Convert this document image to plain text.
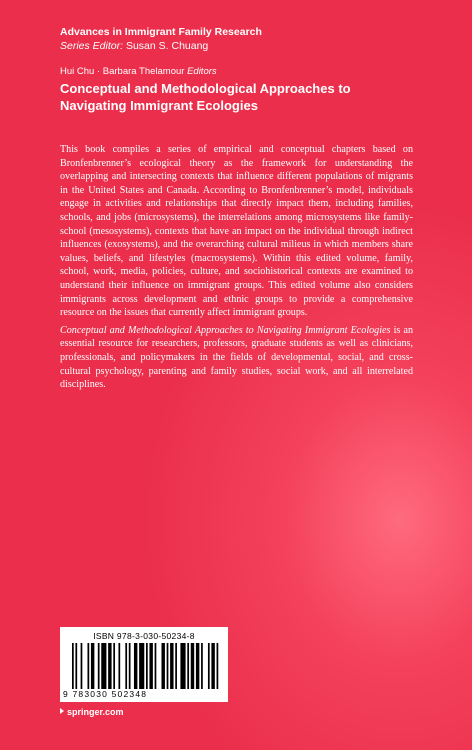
Advances in Immigrant Family Research
Series Editor: Susan S. Chuang
Hui Chu · Barbara Thelamour Editors
Conceptual and Methodological Approaches to Navigating Immigrant Ecologies

This book compiles a series of empirical and conceptual chapters based on Bronfenbrenner’s ecological theory as the framework for understanding the overlapping and intersecting contexts that influence different populations of migrants in the United States and Canada. According to Bronfenbrenner’s model, individuals engage in activities and relationships that directly impact them, including families, schools, and jobs (microsystems), the interrelations among microsystems like family-school (mesosystems), contexts that have an impact on the individual through indirect influences (exosystems), and the overarching cultural milieus in which members share values, beliefs, and lifestyles (macrosystems). Within this edited volume, family, school, work, media, policies, culture, and sociohistorical contexts are examined to understand their influence on immigrant groups. This edited volume also considers immigrants across development and ethnic groups to provide a comprehensive resource on the issues that currently affect immigrant groups.

Conceptual and Methodological Approaches to Navigating Immigrant Ecologies is an essential resource for researchers, professors, graduate students as well as clinicians, professionals, and policymakers in the fields of developmental, social, and cross-cultural psychology, parenting and family studies, social work, and all interrelated disciplines.

ISBN 978-3-030-50234-8
9 783030 502348
springer.com
